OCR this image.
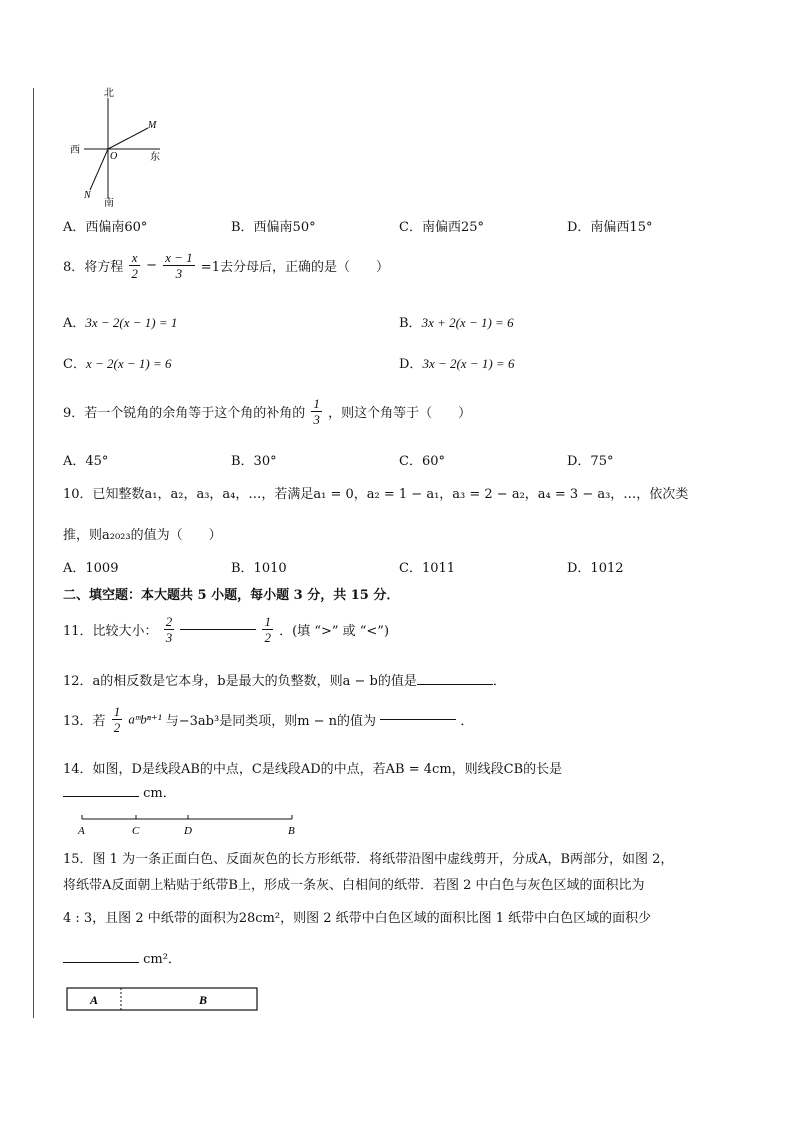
北
南
西
东
O
M
N
A．西偏南60°	B．西偏南50°	C．南偏西25°	D．南偏西15°
8．将方程 $\frac{x}{2} - \frac{x - 1}{3} =1$去分母后，正确的是（　　）
A．3x − 2(x − 1) = 1	B．3x + 2(x − 1) = 6
C．x − 2(x − 1) = 6	D．3x − 2(x − 1) = 6
9．若一个锐角的余角等于这个角的补角的 $\frac{1}{3}$ ，则这个角等于（　　）
A．45°	B．30°	C．60°	D．75°
10．已知整数a₁，a₂，a₃，a₄，…，若满足a₁ = 0，a₂ = 1 − a₁，a₃ = 2 − a₂，a₄ = 3 − a₃，…，依次类
推，则a₂₀₂₃的值为（　　）
A．1009	B．1010	C．1011	D．1012
二、填空题：本大题共 5 小题，每小题 3 分，共 15 分．
11．比较大小： $\frac{2}{3}$
	$\frac{1}{2}$ ．(填 “>” 或 “<”)
12．a的相反数是它本身，b是最大的负整数，则a − b的值是	．
13．若 $\frac{1}{2}$ aᵐbⁿ⁺¹ 与−3ab³是同类项，则m − n的值为	．
14．如图，D是线段AB的中点，C是线段AD的中点，若AB = 4cm，则线段CB的长是
cm．
A	C	D	B
15．图 1 为一条正面白色、反面灰色的长方形纸带．将纸带沿图中虚线剪开，分成A，B两部分，如图 2，
将纸带A反面朝上粘贴于纸带B上，形成一条灰、白相间的纸带．若图 2 中白色与灰色区域的面积比为
4 : 3，且图 2 中纸带的面积为28cm²，则图 2 纸带中白色区域的面积比图 1 纸带中白色区域的面积少
cm²．
A	B
